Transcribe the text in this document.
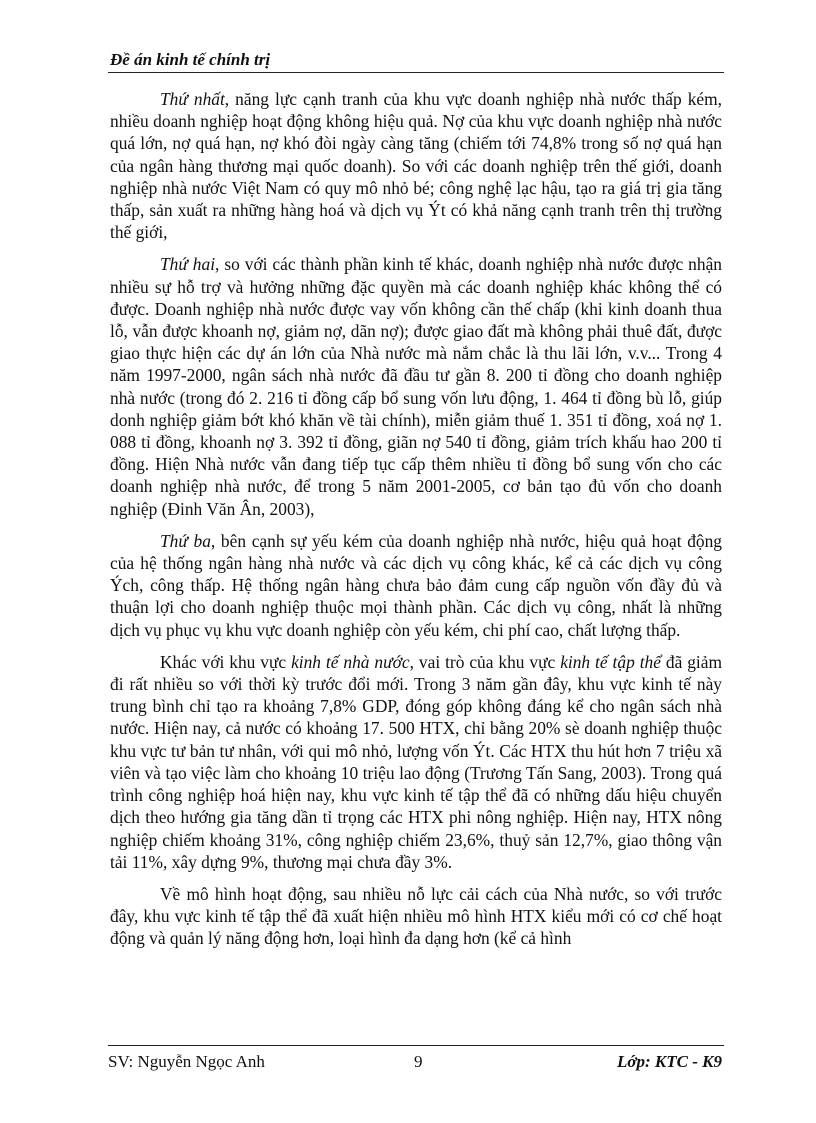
Đề án kinh tế chính trị

Thứ nhất, năng lực cạnh tranh của khu vực doanh nghiệp nhà nước thấp kém, nhiều doanh nghiệp hoạt động không hiệu quả. Nợ của khu vực doanh nghiệp nhà nước quá lớn, nợ quá hạn, nợ khó đòi ngày càng tăng (chiếm tới 74,8% trong số nợ quá hạn của ngân hàng thương mại quốc doanh). So với các doanh nghiệp trên thế giới, doanh nghiệp nhà nước Việt Nam có quy mô nhỏ bé; công nghệ lạc hậu, tạo ra giá trị gia tăng thấp, sản xuất ra những hàng hoá và dịch vụ Ýt có khả năng cạnh tranh trên thị trường thế giới,

Thứ hai, so với các thành phần kinh tế khác, doanh nghiệp nhà nước được nhận nhiều sự hỗ trợ và hưởng những đặc quyền mà các doanh nghiệp khác không thể có được. Doanh nghiệp nhà nước được vay vốn không cần thế chấp (khi kinh doanh thua lỗ, vẫn được khoanh nợ, giảm nợ, dãn nợ); được giao đất mà không phải thuê đất, được giao thực hiện các dự án lớn của Nhà nước mà nắm chắc là thu lãi lớn, v.v... Trong 4 năm 1997-2000, ngân sách nhà nước đã đầu tư gần 8. 200 tỉ đồng cho doanh nghiệp nhà nước (trong đó 2. 216 tỉ đồng cấp bổ sung vốn lưu động, 1. 464 tỉ đồng bù lỗ, giúp donh nghiệp giảm bớt khó khăn về tài chính), miễn giảm thuế 1. 351 tỉ đồng, xoá nợ 1. 088 tỉ đồng, khoanh nợ 3. 392 tỉ đồng, giãn nợ 540 tỉ đồng, giảm trích khấu hao 200 tỉ đồng. Hiện Nhà nước vẫn đang tiếp tục cấp thêm nhiều tỉ đồng bổ sung vốn cho các doanh nghiệp nhà nước, để trong 5 năm 2001-2005, cơ bản tạo đủ vốn cho doanh nghiệp (Đinh Văn Ân, 2003),

Thứ ba, bên cạnh sự yếu kém của doanh nghiệp nhà nước, hiệu quả hoạt động của hệ thống ngân hàng nhà nước và các dịch vụ công khác, kể cả các dịch vụ công Ých, công thấp. Hệ thống ngân hàng chưa bảo đảm cung cấp nguồn vốn đầy đủ và thuận lợi cho doanh nghiệp thuộc mọi thành phần. Các dịch vụ công, nhất là những dịch vụ phục vụ khu vực doanh nghiệp còn yếu kém, chi phí cao, chất lượng thấp.

Khác với khu vực kinh tế nhà nước, vai trò của khu vực kinh tế tập thể đã giảm đi rất nhiều so với thời kỳ trước đổi mới. Trong 3 năm gần đây, khu vực kinh tế này trung bình chỉ tạo ra khoảng 7,8% GDP, đóng góp không đáng kể cho ngân sách nhà nước. Hiện nay, cả nước có khoảng 17. 500 HTX, chỉ bằng 20% sè doanh nghiệp thuộc khu vực tư bản tư nhân, với qui mô nhỏ, lượng vốn Ýt. Các HTX thu hút hơn 7 triệu xã viên và tạo việc làm cho khoảng 10 triệu lao động (Trương Tấn Sang, 2003). Trong quá trình công nghiệp hoá hiện nay, khu vực kinh tế tập thể đã có những dấu hiệu chuyển dịch theo hướng gia tăng dần tỉ trọng các HTX phi nông nghiệp. Hiện nay, HTX nông nghiệp chiếm khoảng 31%, công nghiệp chiếm 23,6%, thuỷ sản 12,7%, giao thông vận tải 11%, xây dựng 9%, thương mại chưa đầy 3%.

Về mô hình hoạt động, sau nhiều nỗ lực cải cách của Nhà nước, so với trước đây, khu vực kinh tế tập thể đã xuất hiện nhiều mô hình HTX kiểu mới có cơ chế hoạt động và quản lý năng động hơn, loại hình đa dạng hơn (kể cả hình

SV: Nguyễn Ngọc Anh	9	Lớp: KTC - K9
